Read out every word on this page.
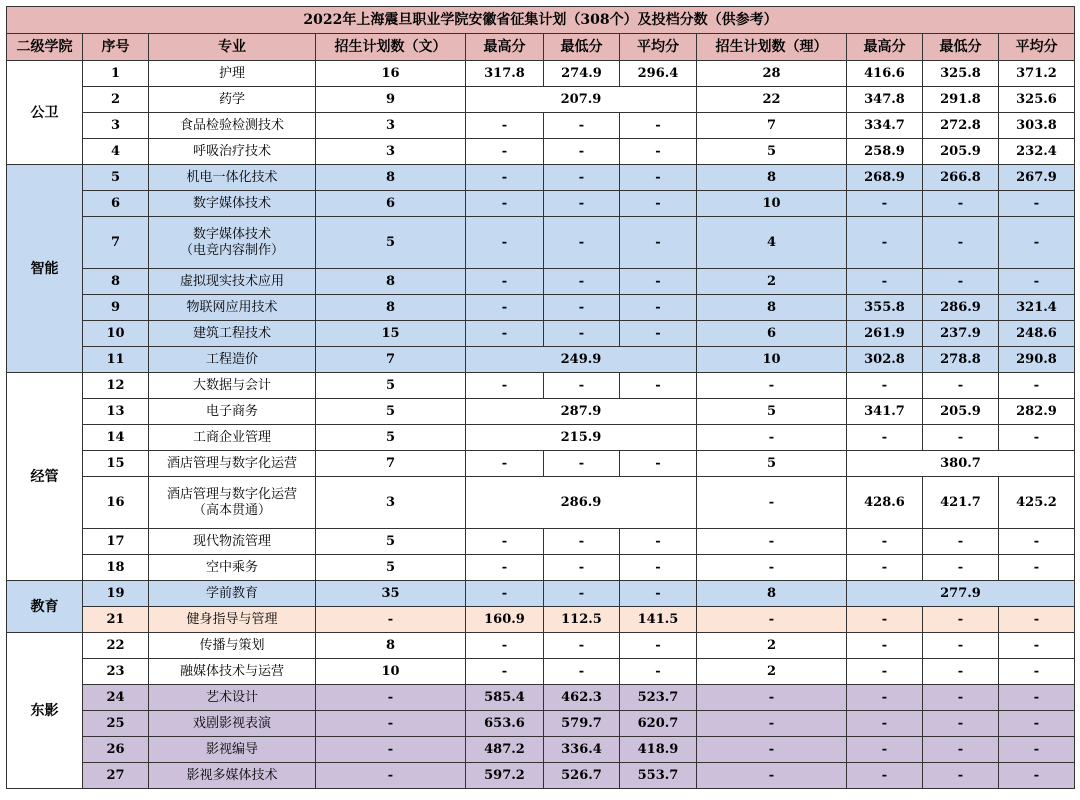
2022年上海震旦职业学院安徽省征集计划（308个）及投档分数（供参考）										
二级学院	序号	专业	招生计划数（文）	最高分	最低分	平均分	招生计划数（理）	最高分	最低分	平均分
公卫	1	护理	16	317.8	274.9	296.4	28	416.6	325.8	371.2
	2	药学	9	207.9			22	347.8	291.8	325.6
	3	食品检验检测技术	3	-	-	-	7	334.7	272.8	303.8
	4	呼吸治疗技术	3	-	-	-	5	258.9	205.9	232.4
智能	5	机电一体化技术	8	-	-	-	8	268.9	266.8	267.9
	6	数字媒体技术	6	-	-	-	10	-	-	-
	7	数字媒体技术
（电竞内容制作）	5	-	-	-	4	-	-	-
	8	虚拟现实技术应用	8	-	-	-	2	-	-	-
	9	物联网应用技术	8	-	-	-	8	355.8	286.9	321.4
	10	建筑工程技术	15	-	-	-	6	261.9	237.9	248.6
	11	工程造价	7	249.9			10	302.8	278.8	290.8
经管	12	大数据与会计	5	-	-	-	-	-	-	-
	13	电子商务	5	287.9			5	341.7	205.9	282.9
	14	工商企业管理	5	215.9			-	-	-	-
	15	酒店管理与数字化运营	7	-	-	-	5	380.7		
	16	酒店管理与数字化运营
（高本贯通）	3	286.9			-	428.6	421.7	425.2
	17	现代物流管理	5	-	-	-	-	-	-	-
	18	空中乘务	5	-	-	-	-	-	-	-
教育	19	学前教育	35	-	-	-	8	277.9		
	21	健身指导与管理	-	160.9	112.5	141.5	-	-	-	-
东影	22	传播与策划	8	-	-	-	2	-	-	-
	23	融媒体技术与运营	10	-	-	-	2	-	-	-
	24	艺术设计	-	585.4	462.3	523.7	-	-	-	-
	25	戏剧影视表演	-	653.6	579.7	620.7	-	-	-	-
	26	影视编导	-	487.2	336.4	418.9	-	-	-	-
	27	影视多媒体技术	-	597.2	526.7	553.7	-	-	-	-
